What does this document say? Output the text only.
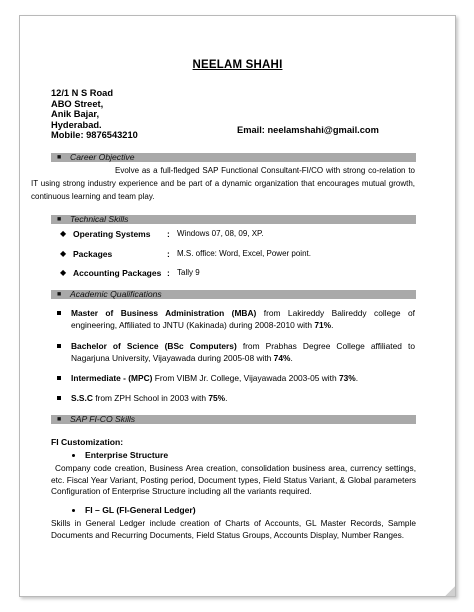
NEELAM SHAHI
12/1 N S Road
ABO Street,
Anik Bajar,
Hyderabad.
Mobile: 9876543210	Email: neelamshahi@gmail.com
■ Career Objective
Evolve as a full-fledged SAP Functional Consultant-FI/CO with strong co-relation to IT using strong industry experience and be part of a dynamic organization that encourages mutual growth, continuous learning and team play.
■ Technical Skills
◆ Operating Systems : Windows 07, 08, 09, XP.
◆ Packages	: M.S. office: Word, Excel, Power point.
◆ Accounting Packages : Tally 9
■ Academic Qualifications
Master of Business Administration (MBA) from Lakireddy Balireddy college of engineering, Affiliated to JNTU (Kakinada) during 2008-2010 with 71%.
Bachelor of Science (BSc Computers) from Prabhas Degree College affiliated to Nagarjuna University, Vijayawada during 2005-08 with 74%.
Intermediate - (MPC) From VIBM Jr. College, Vijayawada 2003-05 with 73%.
S.S.C from ZPH School in 2003 with 75%.
■ SAP FI-CO Skills
FI Customization:
Enterprise Structure
Company code creation, Business Area creation, consolidation business area, currency settings, etc. Fiscal Year Variant, Posting period, Document types, Field Status Variant, & Global parameters Configuration of Enterprise Structure including all the variants required.
FI – GL (FI-General Ledger)
Skills in General Ledger include creation of Charts of Accounts, GL Master Records, Sample Documents and Recurring Documents, Field Status Groups, Accounts Display, Number Ranges.
